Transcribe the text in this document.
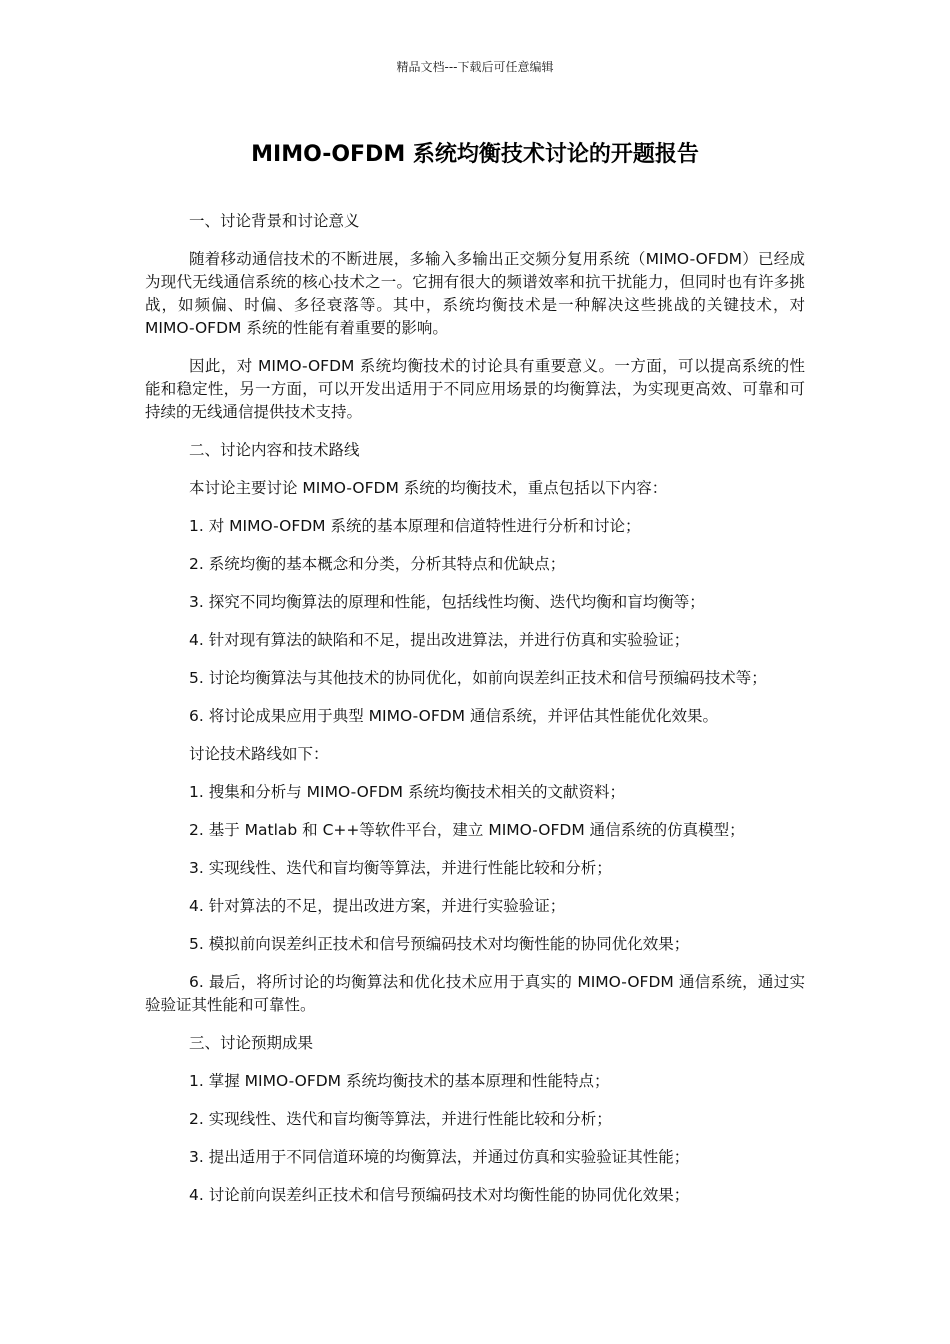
精品文档---下载后可任意编辑
MIMO-OFDM 系统均衡技术讨论的开题报告

一、讨论背景和讨论意义

随着移动通信技术的不断进展，多输入多输出正交频分复用系统（MIMO-OFDM）已经成为现代无线通信系统的核心技术之一。它拥有很大的频谱效率和抗干扰能力，但同时也有许多挑战，如频偏、时偏、多径衰落等。其中，系统均衡技术是一种解决这些挑战的关键技术，对 MIMO-OFDM 系统的性能有着重要的影响。

因此，对 MIMO-OFDM 系统均衡技术的讨论具有重要意义。一方面，可以提高系统的性能和稳定性，另一方面，可以开发出适用于不同应用场景的均衡算法，为实现更高效、可靠和可持续的无线通信提供技术支持。

二、讨论内容和技术路线

本讨论主要讨论 MIMO-OFDM 系统的均衡技术，重点包括以下内容：

1. 对 MIMO-OFDM 系统的基本原理和信道特性进行分析和讨论；

2. 系统均衡的基本概念和分类，分析其特点和优缺点；

3. 探究不同均衡算法的原理和性能，包括线性均衡、迭代均衡和盲均衡等；

4. 针对现有算法的缺陷和不足，提出改进算法，并进行仿真和实验验证；

5. 讨论均衡算法与其他技术的协同优化，如前向误差纠正技术和信号预编码技术等；

6. 将讨论成果应用于典型 MIMO-OFDM 通信系统，并评估其性能优化效果。

讨论技术路线如下：

1. 搜集和分析与 MIMO-OFDM 系统均衡技术相关的文献资料；

2. 基于 Matlab 和 C++等软件平台，建立 MIMO-OFDM 通信系统的仿真模型；

3. 实现线性、迭代和盲均衡等算法，并进行性能比较和分析；

4. 针对算法的不足，提出改进方案，并进行实验验证；

5. 模拟前向误差纠正技术和信号预编码技术对均衡性能的协同优化效果；

6. 最后，将所讨论的均衡算法和优化技术应用于真实的 MIMO-OFDM 通信系统，通过实验验证其性能和可靠性。

三、讨论预期成果

1. 掌握 MIMO-OFDM 系统均衡技术的基本原理和性能特点；

2. 实现线性、迭代和盲均衡等算法，并进行性能比较和分析；

3. 提出适用于不同信道环境的均衡算法，并通过仿真和实验验证其性能；

4. 讨论前向误差纠正技术和信号预编码技术对均衡性能的协同优化效果；
